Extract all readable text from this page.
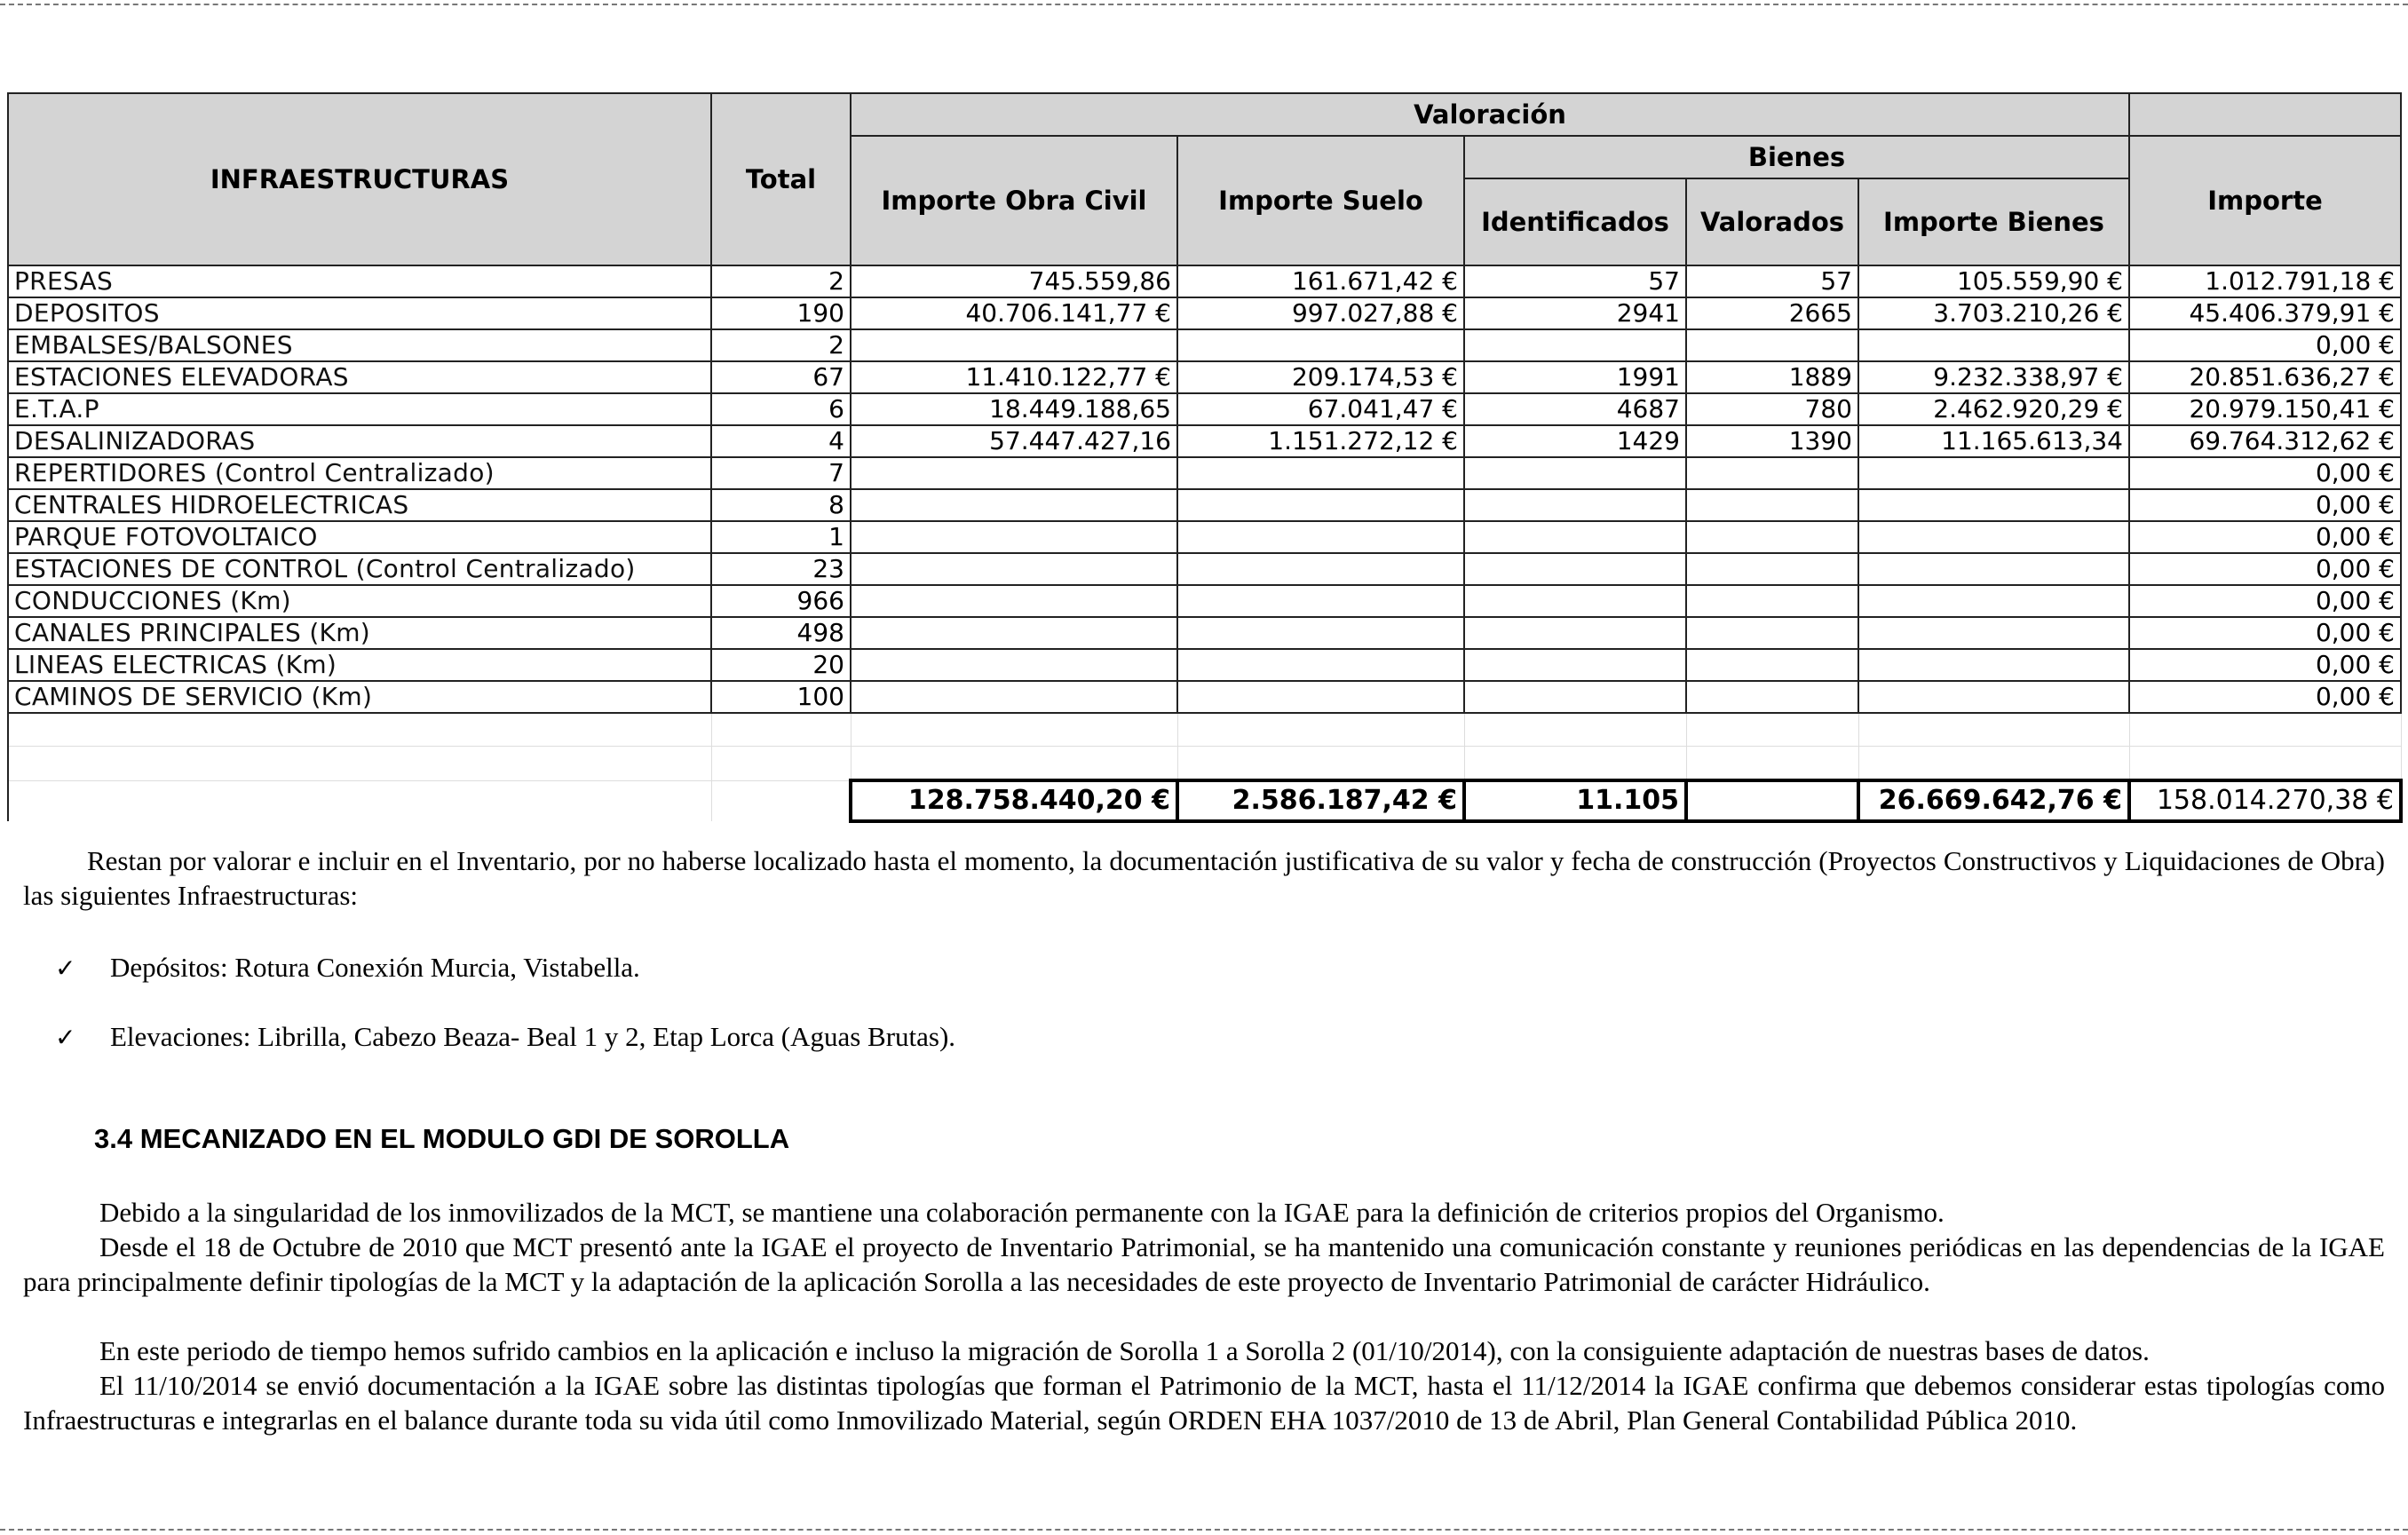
INFRAESTRUCTURAS	Total	Valoración					
		Importe Obra Civil	Importe Suelo	Bienes			Importe
				Identificados	Valorados	Importe Bienes	
PRESAS	2	745.559,86	161.671,42 €	57	57	105.559,90 €	1.012.791,18 €
DEPOSITOS	190	40.706.141,77 €	997.027,88 €	2941	2665	3.703.210,26 €	45.406.379,91 €
EMBALSES/BALSONES	2						0,00 €
ESTACIONES ELEVADORAS	67	11.410.122,77 €	209.174,53 €	1991	1889	9.232.338,97 €	20.851.636,27 €
E.T.A.P	6	18.449.188,65	67.041,47 €	4687	780	2.462.920,29 €	20.979.150,41 €
DESALINIZADORAS	4	57.447.427,16	1.151.272,12 €	1429	1390	11.165.613,34	69.764.312,62 €
REPERTIDORES (Control Centralizado)	7						0,00 €
CENTRALES HIDROELECTRICAS	8						0,00 €
PARQUE FOTOVOLTAICO	1						0,00 €
ESTACIONES DE CONTROL (Control Centralizado)	23						0,00 €
CONDUCCIONES (Km)	966						0,00 €
CANALES PRINCIPALES (Km)	498						0,00 €
LINEAS ELECTRICAS (Km)	20						0,00 €
CAMINOS DE SERVICIO (Km)	100						0,00 €

		128.758.440,20 €	2.586.187,42 €	11.105		26.669.642,76 €	158.014.270,38 €

Restan por valorar e incluir en el Inventario, por no haberse localizado hasta el momento, la documentación justificativa de su valor y fecha de construcción (Proyectos Constructivos y Liquidaciones de Obra) las siguientes Infraestructuras:

✓ Depósitos: Rotura Conexión Murcia, Vistabella.

✓ Elevaciones: Librilla, Cabezo Beaza- Beal 1 y 2, Etap Lorca (Aguas Brutas).

3.4 MECANIZADO EN EL MODULO GDI DE SOROLLA

Debido a la singularidad de los inmovilizados de la MCT, se mantiene una colaboración permanente con la IGAE para la definición de criterios propios del Organismo.

Desde el 18 de Octubre de 2010 que MCT presentó ante la IGAE el proyecto de Inventario Patrimonial, se ha mantenido una comunicación constante y reuniones periódicas en las dependencias de la IGAE para principalmente definir tipologías de la MCT y la adaptación de la aplicación Sorolla a las necesidades de este proyecto de Inventario Patrimonial de carácter Hidráulico.

En este periodo de tiempo hemos sufrido cambios en la aplicación e incluso la migración de Sorolla 1 a Sorolla 2 (01/10/2014), con la consiguiente adaptación de nuestras bases de datos.

El 11/10/2014 se envió documentación a la IGAE sobre las distintas tipologías que forman el Patrimonio de la MCT, hasta el 11/12/2014 la IGAE confirma que debemos considerar estas tipologías como Infraestructuras e integrarlas en el balance durante toda su vida útil como Inmovilizado Material, según ORDEN EHA 1037/2010 de 13 de Abril, Plan General Contabilidad Pública 2010.
